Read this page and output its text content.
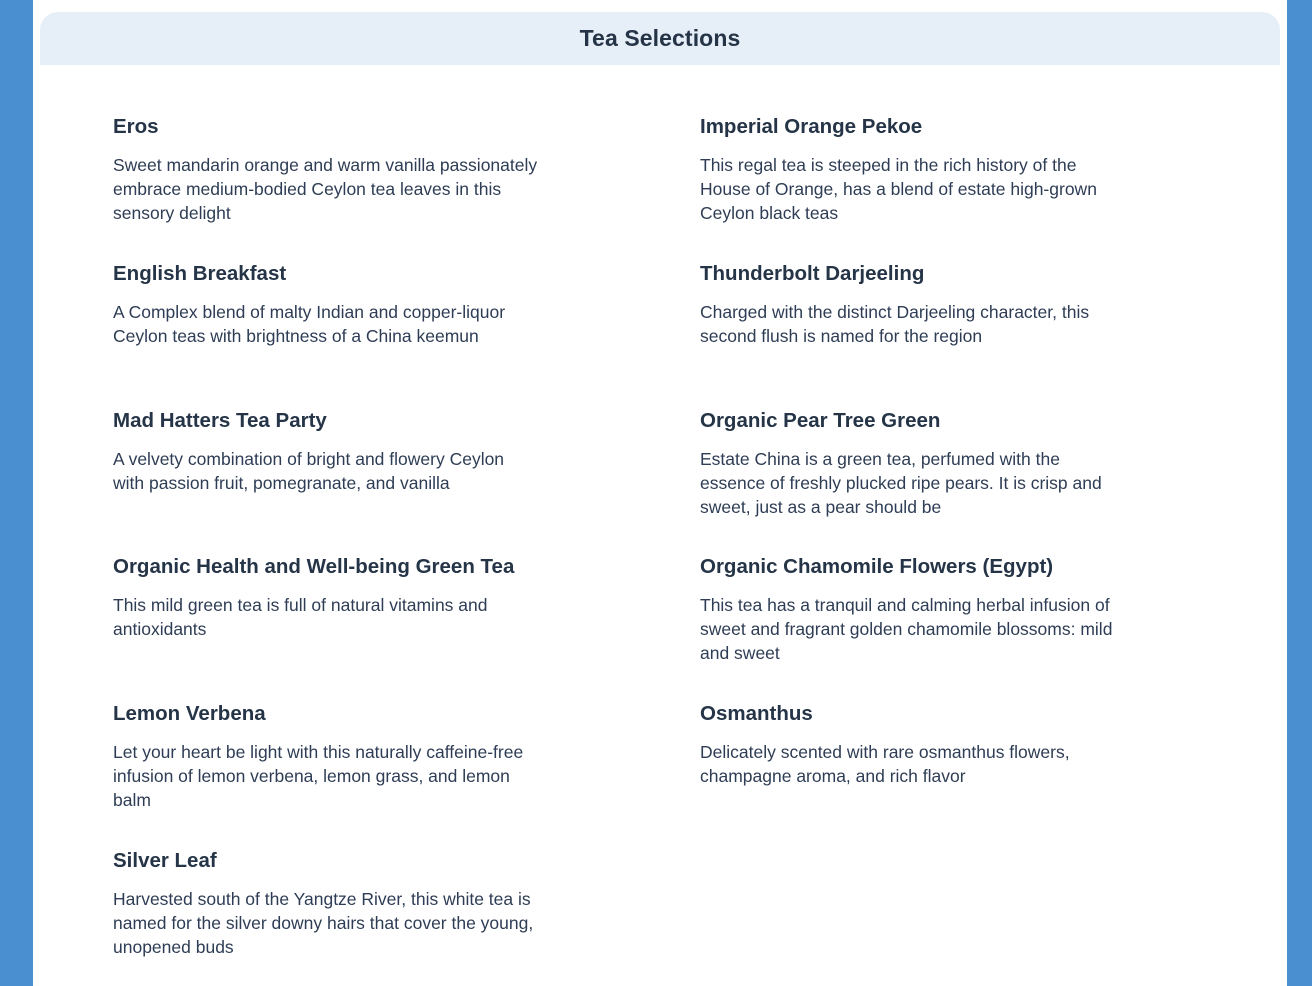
Tea Selections
Eros

Sweet mandarin orange and warm vanilla passionately embrace medium-bodied Ceylon tea leaves in this sensory delight

English Breakfast

A Complex blend of malty Indian and copper-liquor Ceylon teas with brightness of a China keemun

Mad Hatters Tea Party

A velvety combination of bright and flowery Ceylon with passion fruit, pomegranate, and vanilla

Organic Health and Well-being Green Tea

This mild green tea is full of natural vitamins and antioxidants

Lemon Verbena

Let your heart be light with this naturally caffeine-free infusion of lemon verbena, lemon grass, and lemon balm

Silver Leaf

Harvested south of the Yangtze River, this white tea is named for the silver downy hairs that cover the young, unopened buds

Imperial Orange Pekoe

This regal tea is steeped in the rich history of the House of Orange, has a blend of estate high-grown Ceylon black teas

Thunderbolt Darjeeling

Charged with the distinct Darjeeling character, this second flush is named for the region

Organic Pear Tree Green

Estate China is a green tea, perfumed with the essence of freshly plucked ripe pears. It is crisp and sweet, just as a pear should be

Organic Chamomile Flowers (Egypt)

This tea has a tranquil and calming herbal infusion of sweet and fragrant golden chamomile blossoms: mild and sweet

Osmanthus

Delicately scented with rare osmanthus flowers, champagne aroma, and rich flavor
